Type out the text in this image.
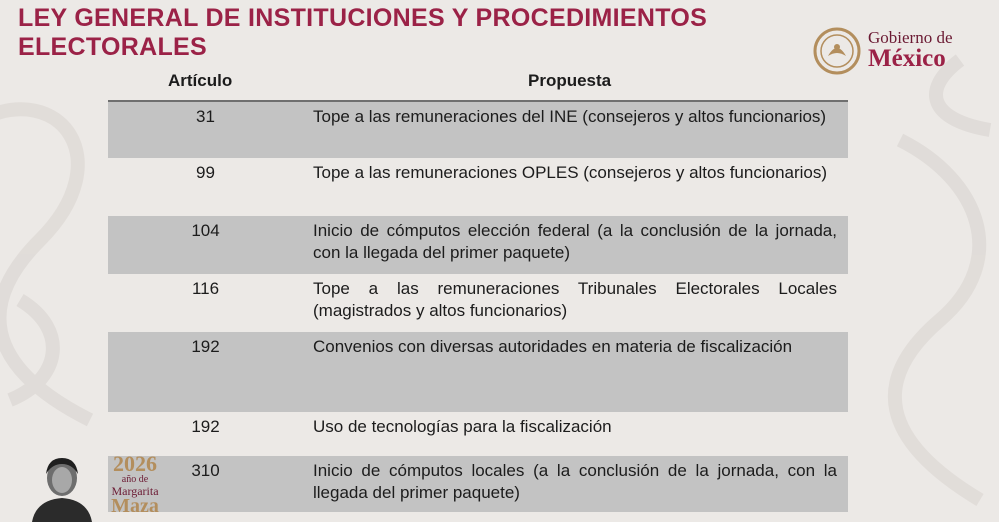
LEY GENERAL DE INSTITUCIONES Y PROCEDIMIENTOS ELECTORALES	Gobierno de
México
Artículo	Propuesta
31	Tope a las remuneraciones del INE (consejeros y altos funcionarios)
99	Tope a las remuneraciones OPLES (consejeros y altos funcionarios)
104	Inicio de cómputos elección federal (a la conclusión de la jornada, con la llegada del primer paquete)
116	Tope a las remuneraciones Tribunales Electorales Locales (magistrados y altos funcionarios)
192	Convenios con diversas autoridades en materia de fiscalización
192	Uso de tecnologías para la fiscalización
310	Inicio de cómputos locales (a la conclusión de la jornada, con la llegada del primer paquete)
2026
año de
Margarita
Maza
